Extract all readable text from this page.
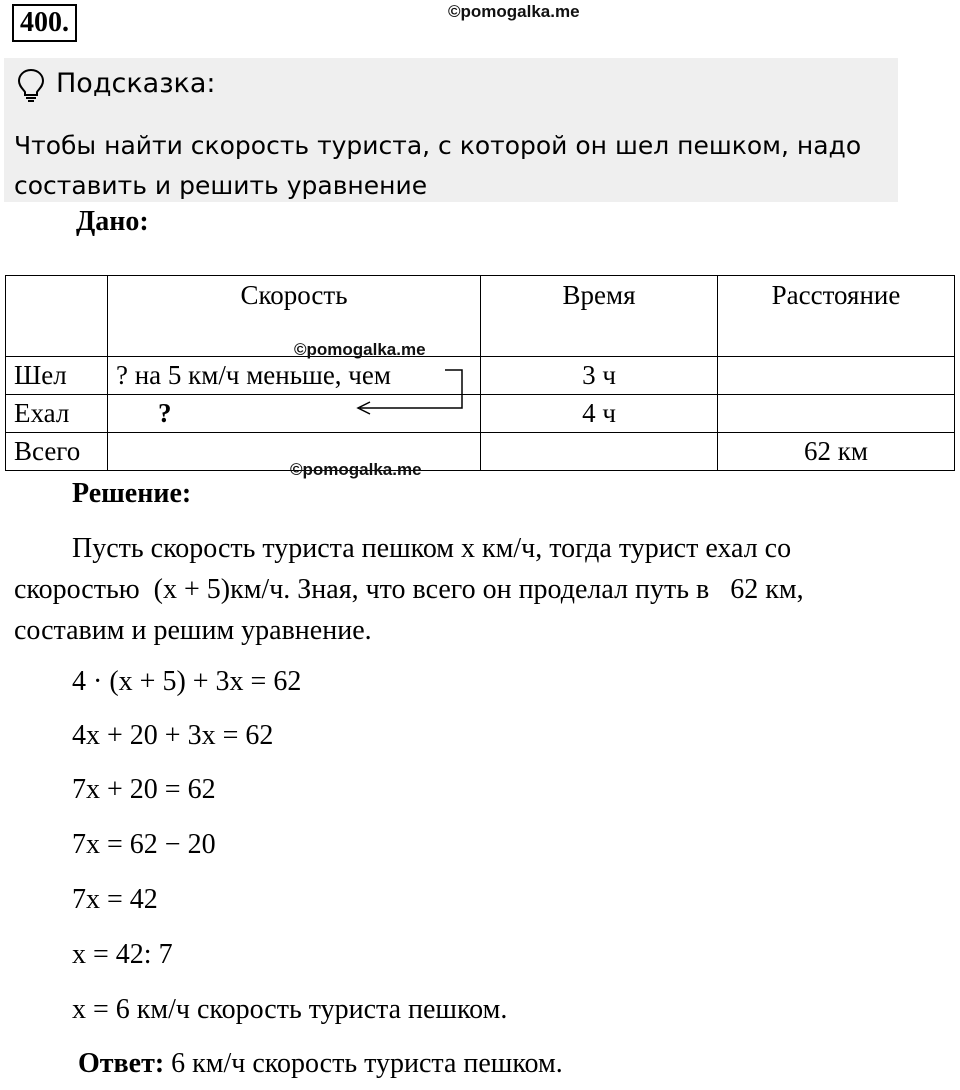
400.	©pomogalka.me
Подсказка:
Чтобы найти скорость туриста, с которой он шел пешком, надо
составить и решить уравнение
Дано:
	Скорость	Время	Расстояние
Шел	? на 5 км/ч меньше, чем	3 ч	
Ехал	?	4 ч	
Всего			62 км
©pomogalka.me
©pomogalka.me
Решение:
Пусть скорость туриста пешком x км/ч, тогда турист ехал со
скоростью  (x + 5)км/ч. Зная, что всего он проделал путь в   62 км,
составим и решим уравнение.
4 · (x + 5) + 3x = 62
4x + 20 + 3x = 62
7x + 20 = 62
7x = 62 − 20
7x = 42
x = 42: 7
x = 6 км/ч скорость туриста пешком.
Ответ: 6 км/ч скорость туриста пешком.
